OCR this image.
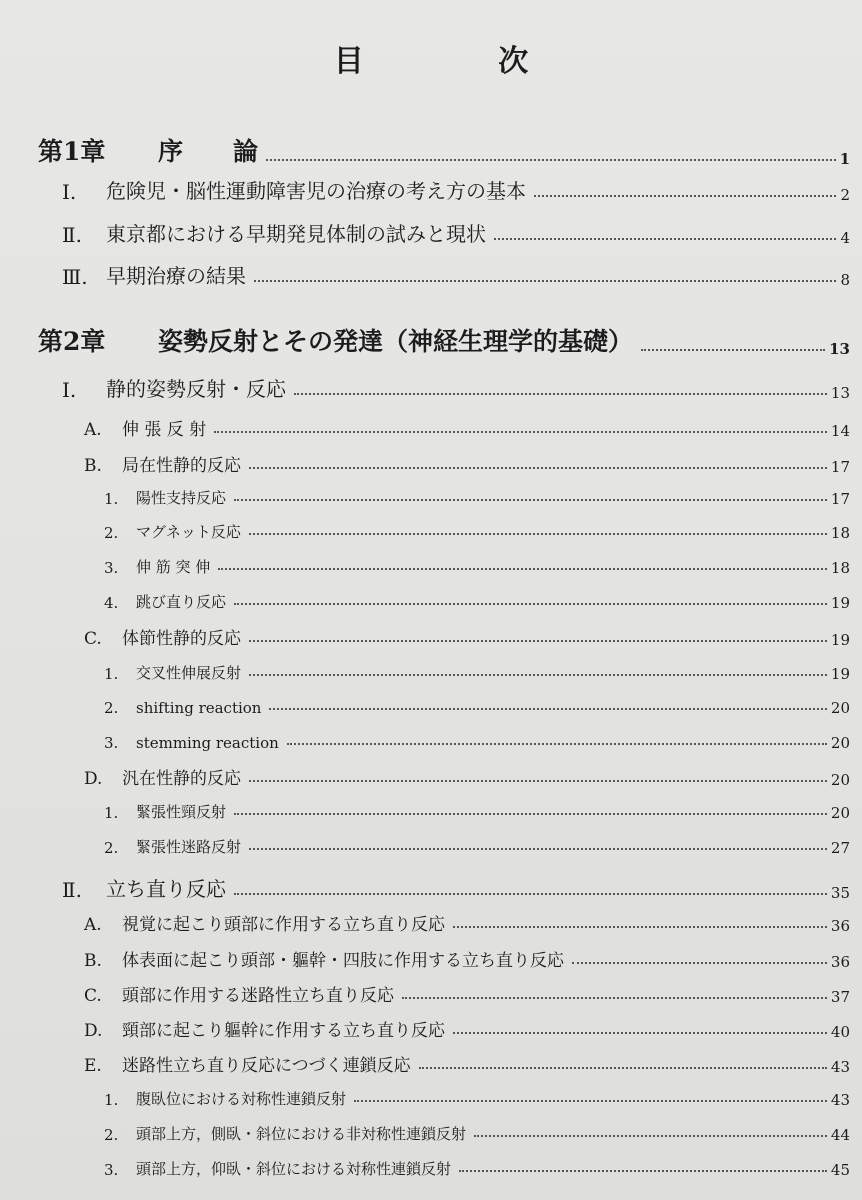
目 次
第1章	序　　論	1
Ⅰ.	危険児・脳性運動障害児の治療の考え方の基本	2
Ⅱ.	東京都における早期発見体制の試みと現状	4
Ⅲ. 早期治療の結果	8
第2章	姿勢反射とその発達（神経生理学的基礎）	13
Ⅰ.	静的姿勢反射・反応	13
A.	伸 張 反 射	14
B.	局在性静的反応	17
1.	陽性支持反応	17
2.	マグネット反応	18
3.	伸 筋 突 伸	18
4.	跳び直り反応	19
C.	体節性静的反応	19
1.	交叉性伸展反射	19
2.	shifting reaction	20
3.	stemming reaction	20
D.	汎在性静的反応	20
1.	緊張性頸反射	20
2.	緊張性迷路反射	27
Ⅱ.	立ち直り反応	35
A.	視覚に起こり頭部に作用する立ち直り反応	36
B.	体表面に起こり頭部・軀幹・四肢に作用する立ち直り反応	36
C.	頭部に作用する迷路性立ち直り反応	37
D.	頸部に起こり軀幹に作用する立ち直り反応	40
E.	迷路性立ち直り反応につづく連鎖反応	43
1.	腹臥位における対称性連鎖反射	43
2.	頭部上方，側臥・斜位における非対称性連鎖反射	44
3.	頭部上方，仰臥・斜位における対称性連鎖反射	45
